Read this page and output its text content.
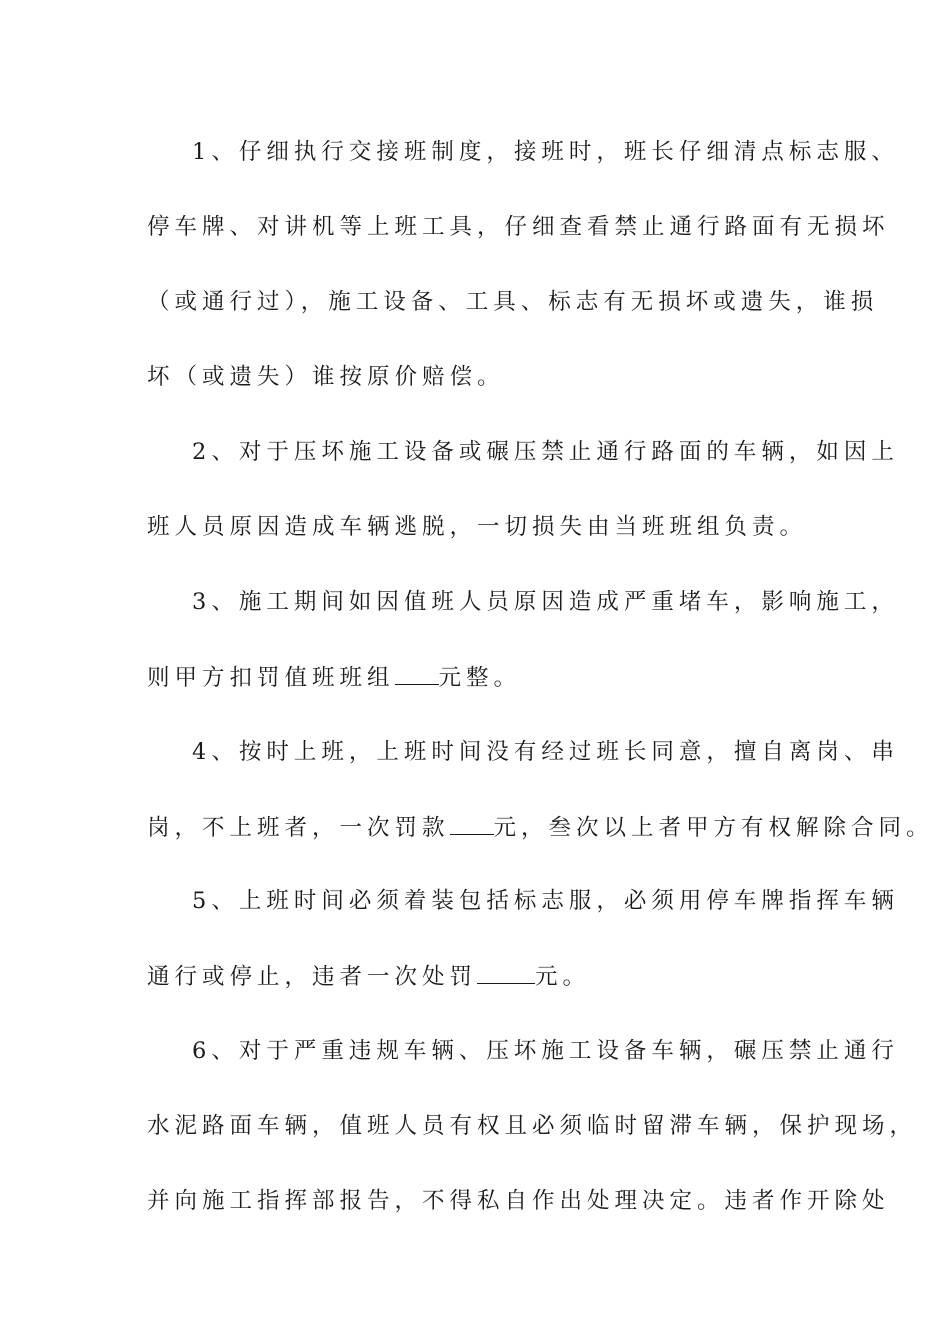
1、仔细执行交接班制度，接班时，班长仔细清点标志服、
停车牌、对讲机等上班工具，仔细查看禁止通行路面有无损坏
（或通行过），施工设备、工具、标志有无损坏或遗失，谁损
坏（或遗失）谁按原价赔偿。
2、对于压坏施工设备或碾压禁止通行路面的车辆，如因上
班人员原因造成车辆逃脱，一切损失由当班班组负责。
3、施工期间如因值班人员原因造成严重堵车，影响施工，
则甲方扣罚值班班组 元整。
4、按时上班，上班时间没有经过班长同意，擅自离岗、串
岗，不上班者，一次罚款 元，叁次以上者甲方有权解除合同。
5、上班时间必须着装包括标志服，必须用停车牌指挥车辆
通行或停止，违者一次处罚	元。
6、对于严重违规车辆、压坏施工设备车辆，碾压禁止通行
水泥路面车辆，值班人员有权且必须临时留滞车辆，保护现场，
并向施工指挥部报告，不得私自作出处理决定。违者作开除处
